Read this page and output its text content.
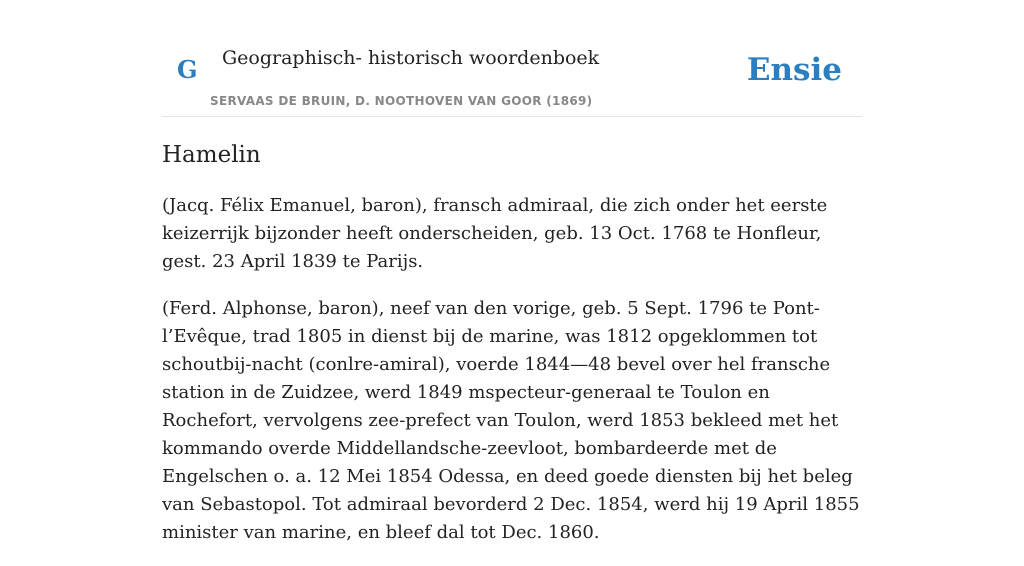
G Geographisch- historisch woordenboek
SERVAAS DE BRUIN, D. NOOTHOVEN VAN GOOR (1869)
Ensie
Hamelin

(Jacq. Félix Emanuel, baron), fransch admiraal, die zich onder het eerste keizerrijk bijzonder heeft onderscheiden, geb. 13 Oct. 1768 te Honfleur, gest. 23 April 1839 te Parijs.

(Ferd. Alphonse, baron), neef van den vorige, geb. 5 Sept. 1796 te Pont-l’Evêque, trad 1805 in dienst bij de marine, was 1812 opgeklommen tot schoutbij-nacht (conlre-amiral), voerde 1844—48 bevel over hel fransche station in de Zuidzee, werd 1849 mspecteur-generaal te Toulon en Rochefort, vervolgens zee-prefect van Toulon, werd 1853 bekleed met het kommando overde Middellandsche-zeevloot, bombardeerde met de Engelschen o. a. 12 Mei 1854 Odessa, en deed goede diensten bij het beleg van Sebastopol. Tot admiraal bevorderd 2 Dec. 1854, werd hij 19 April 1855 minister van marine, en bleef dal tot Dec. 1860.
